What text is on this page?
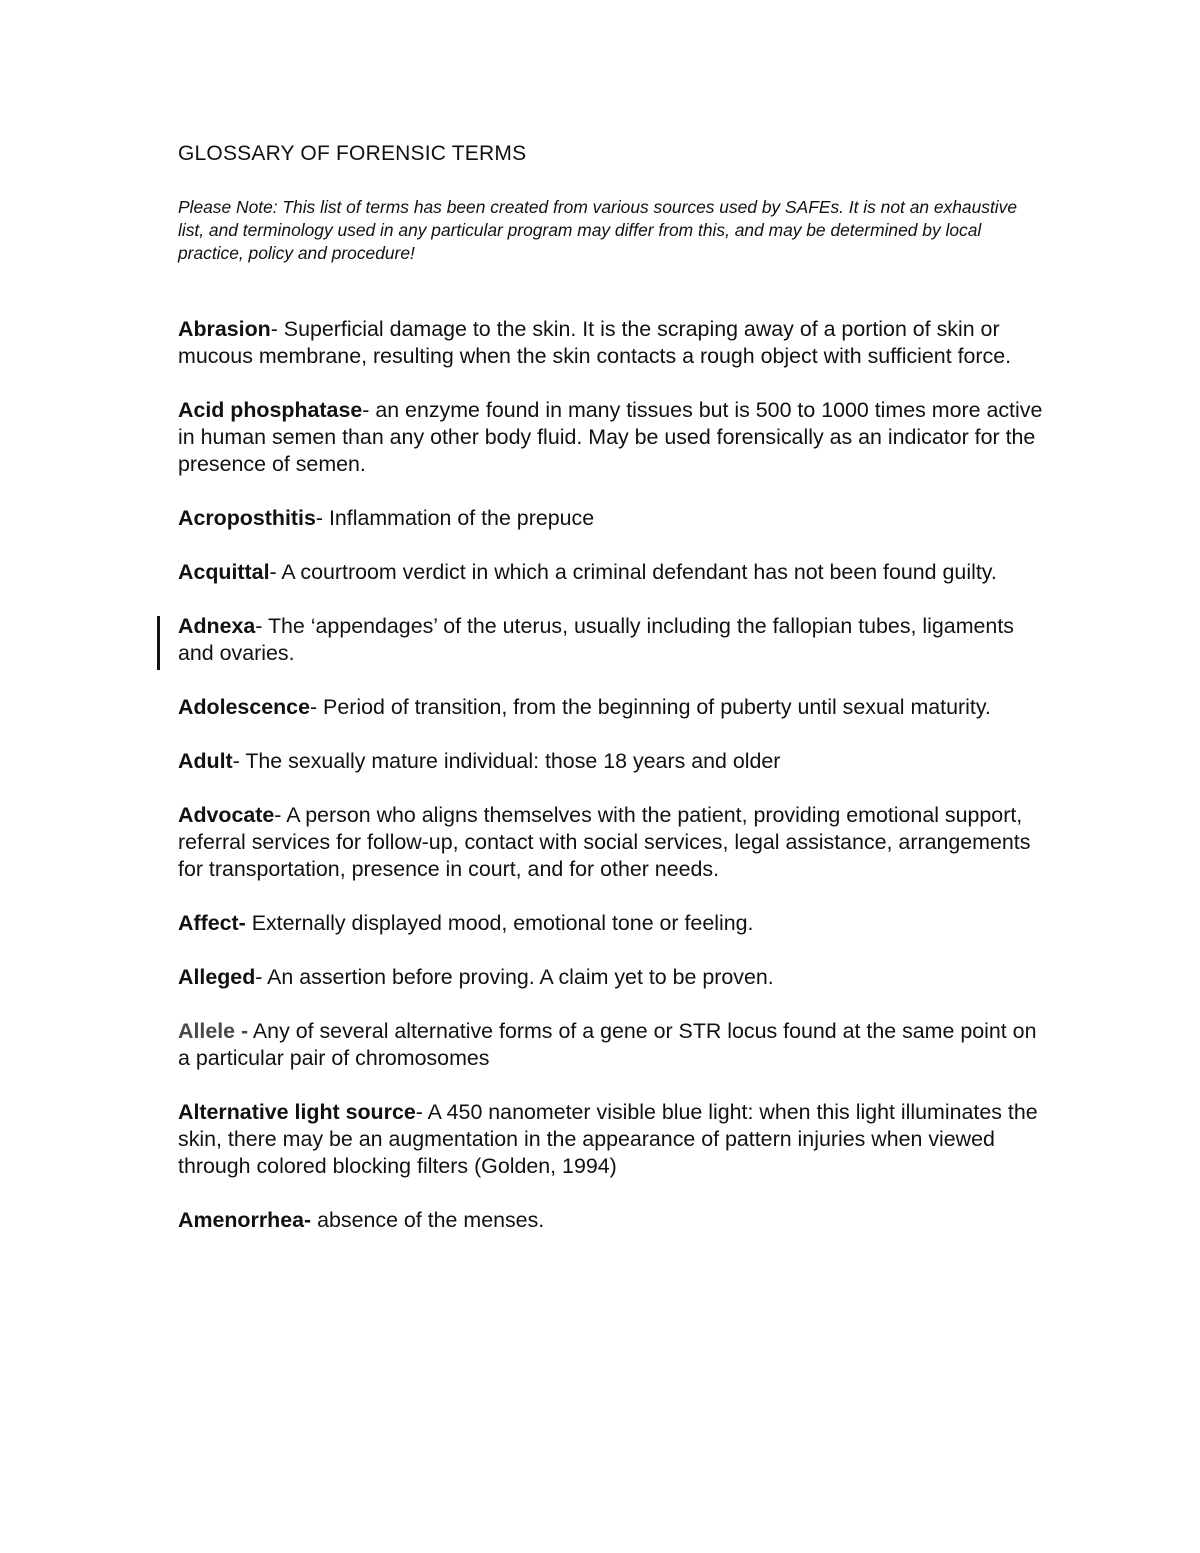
GLOSSARY OF FORENSIC TERMS

Please Note: This list of terms has been created from various sources used by SAFEs. It is not an exhaustive list, and terminology used in any particular program may differ from this, and may be determined by local practice, policy and procedure!

Abrasion- Superficial damage to the skin. It is the scraping away of a portion of skin or mucous membrane, resulting when the skin contacts a rough object with sufficient force.
Acid phosphatase- an enzyme found in many tissues but is 500 to 1000 times more active in human semen than any other body fluid. May be used forensically as an indicator for the presence of semen.
Acroposthitis- Inflammation of the prepuce
Acquittal- A courtroom verdict in which a criminal defendant has not been found guilty.
Adnexa- The ‘appendages’ of the uterus, usually including the fallopian tubes, ligaments and ovaries.
Adolescence- Period of transition, from the beginning of puberty until sexual maturity.
Adult- The sexually mature individual: those 18 years and older
Advocate- A person who aligns themselves with the patient, providing emotional support, referral services for follow-up, contact with social services, legal assistance, arrangements for transportation, presence in court, and for other needs.
Affect- Externally displayed mood, emotional tone or feeling.
Alleged- An assertion before proving. A claim yet to be proven.
Allele - Any of several alternative forms of a gene or STR locus found at the same point on a particular pair of chromosomes
Alternative light source- A 450 nanometer visible blue light: when this light illuminates the skin, there may be an augmentation in the appearance of pattern injuries when viewed through colored blocking filters (Golden, 1994)
Amenorrhea- absence of the menses.
